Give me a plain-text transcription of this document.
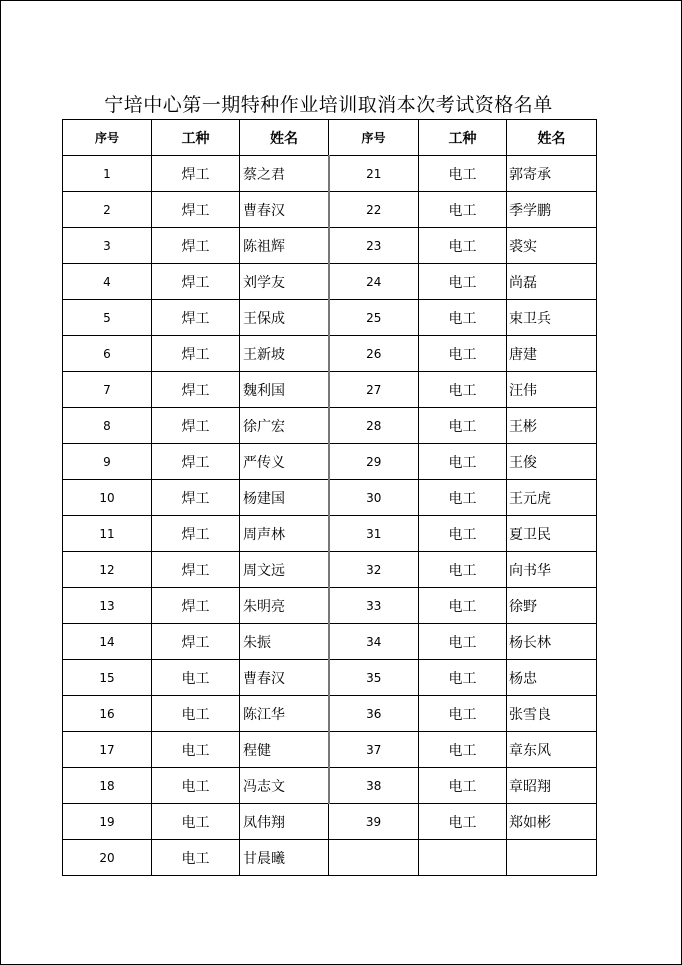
宁培中心第一期特种作业培训取消本次考试资格名单
序号	工种	姓名	序号	工种	姓名
1	焊工	蔡之君	21	电工	郭寄承
2	焊工	曹春汉	22	电工	季学鹏
3	焊工	陈祖辉	23	电工	裘实
4	焊工	刘学友	24	电工	尚磊
5	焊工	王保成	25	电工	束卫兵
6	焊工	王新坡	26	电工	唐建
7	焊工	魏利国	27	电工	汪伟
8	焊工	徐广宏	28	电工	王彬
9	焊工	严传义	29	电工	王俊
10	焊工	杨建国	30	电工	王元虎
11	焊工	周声林	31	电工	夏卫民
12	焊工	周文远	32	电工	向书华
13	焊工	朱明亮	33	电工	徐野
14	焊工	朱振	34	电工	杨长林
15	电工	曹春汉	35	电工	杨忠
16	电工	陈江华	36	电工	张雪良
17	电工	程健	37	电工	章东风
18	电工	冯志文	38	电工	章昭翔
19	电工	凤伟翔	39	电工	郑如彬
20	电工	甘晨曦			
